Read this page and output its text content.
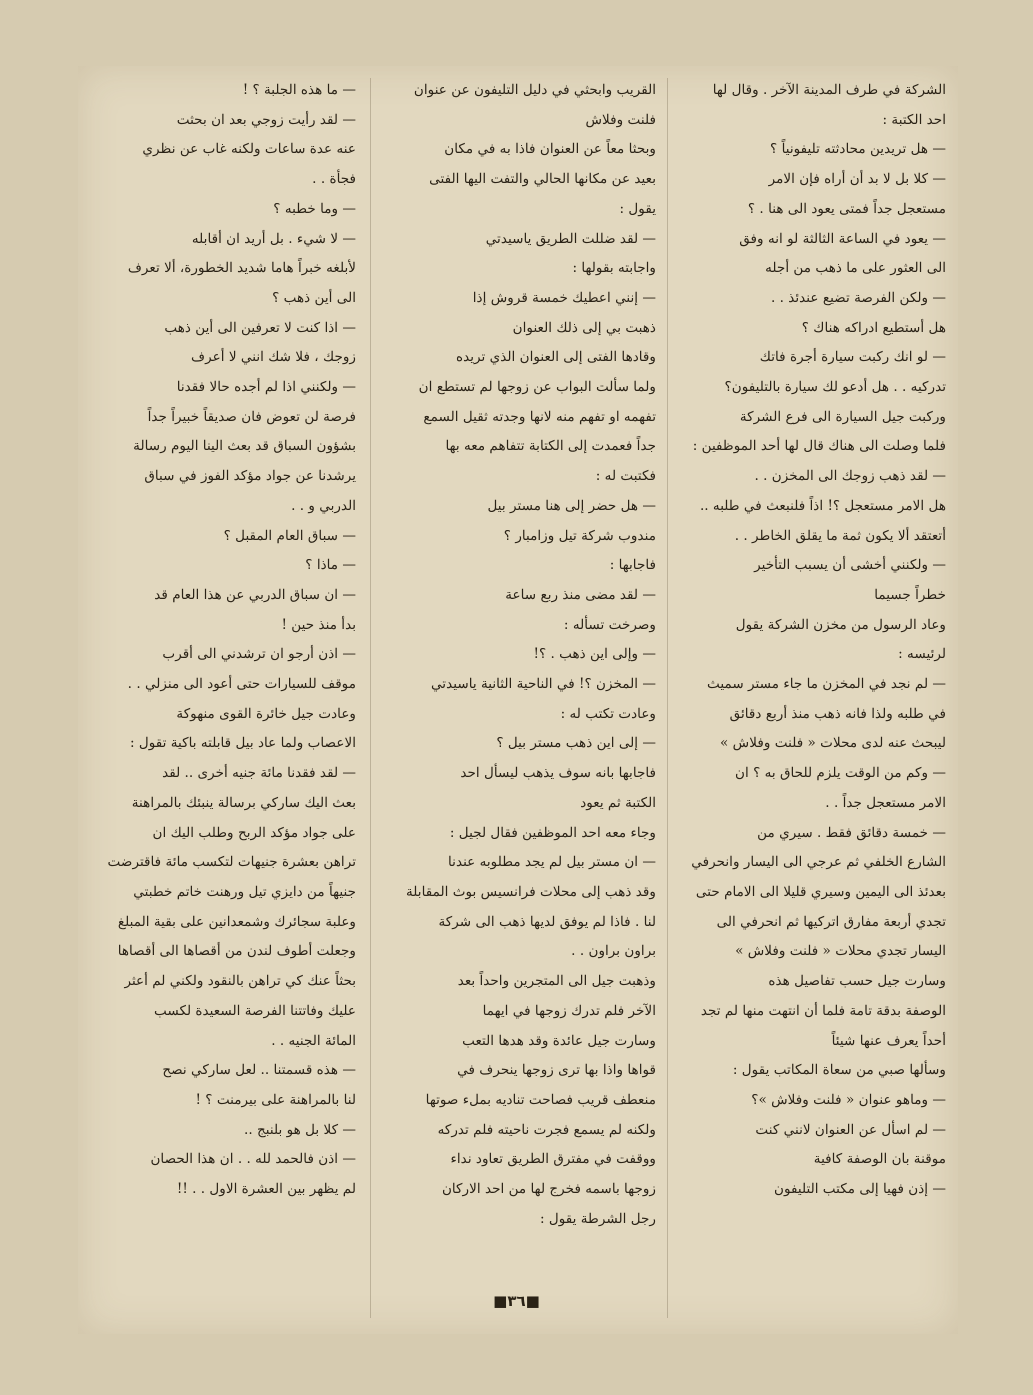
الشركة في طرف المدينة الآخر . وقال لها

احد الكتبة :

— هل تريدين محادثته تليفونياً ؟

— كلا بل لا بد أن أراه فإن الامر

مستعجل جداً فمتى يعود الى هنا . ؟

— يعود في الساعة الثالثة لو انه وفق

الى العثور على ما ذهب من أجله

— ولكن الفرصة تضيع عندئذ . .

هل أستطيع ادراكه هناك ؟

— لو انك ركبت سيارة أجرة فاتك

تدركيه . . هل أدعو لك سيارة بالتليفون؟

وركبت جيل السيارة الى فرع الشركة

فلما وصلت الى هناك قال لها أحد الموظفين :

— لقد ذهب زوجك الى المخزن . .

هل الامر مستعجل ؟! اذاً فلنبعث في طلبه ..

أتعتقد ألا يكون ثمة ما يقلق الخاطر . .

— ولكنني أخشى أن يسبب التأخير

خطراً جسيما

وعاد الرسول من مخزن الشركة يقول

لرئيسه :

— لم نجد في المخزن ما جاء مستر سميث

في طلبه ولذا فانه ذهب منذ أربع دقائق

ليبحث عنه لدى محلات « فلنت وفلاش »

— وكم من الوقت يلزم للحاق به ؟ ان

الامر مستعجل جداً . .

— خمسة دقائق فقط . سيري من

الشارع الخلفي ثم عرجي الى اليسار وانحرفي

بعدئذ الى اليمين وسيري قليلا الى الامام حتى

تجدي أربعة مفارق اتركيها ثم انحرفي الى

اليسار تجدي محلات « فلنت وفلاش »

وسارت جيل حسب تفاصيل هذه

الوصفة بدقة تامة فلما أن انتهت منها لم تجد

أحداً يعرف عنها شيئاً

وسألها صبي من سعاة المكاتب يقول :

— وماهو عنوان « فلنت وفلاش »؟

— لم اسأل عن العنوان لانني كنت

موقنة بان الوصفة كافية

— إذن فهيا إلى مكتب التليفون

القريب وابحثي في دليل التليفون عن عنوان

فلنت وفلاش

وبحثا معاً عن العنوان فاذا به في مكان

بعيد عن مكانها الحالي والتفت اليها الفتى

يقول :

— لقد ضللت الطريق ياسيدتي

واجابته بقولها :

— إنني اعطيك خمسة قروش إذا

ذهبت بي إلى ذلك العنوان

وقادها الفتى إلى العنوان الذي تريده

ولما سألت البواب عن زوجها لم تستطع ان

تفهمه او تفهم منه لانها وجدته ثقيل السمع

جداً فعمدت إلى الكتابة تتفاهم معه بها

فكتبت له :

— هل حضر إلى هنا مستر بيل

مندوب شركة تيل وزامبار ؟

فاجابها :

— لقد مضى منذ ربع ساعة

وصرخت تسأله :

— وإلى اين ذهب . ؟!

— المخزن ؟! في الناحية الثانية ياسيدتي

وعادت تكتب له :

— إلى اين ذهب مستر بيل ؟

فاجابها بانه سوف يذهب ليسأل احد

الكتبة ثم يعود

وجاء معه احد الموظفين فقال لجيل :

— ان مستر بيل لم يجد مطلوبه عندنا

وقد ذهب إلى محلات فرانسيس بوث المقابلة

لنا . فاذا لم يوفق لديها ذهب الى شركة

براون براون . .

وذهبت جيل الى المتجرين واحداً بعد

الآخر فلم تدرك زوجها في ايهما

وسارت جيل عائدة وقد هدها التعب

قواها واذا بها ترى زوجها ينحرف في

منعطف قريب فصاحت تناديه بملء صوتها

ولكنه لم يسمع فجرت ناحيته فلم تدركه

ووقفت في مفترق الطريق تعاود نداء

زوجها باسمه فخرج لها من احد الاركان

رجل الشرطة يقول :

— ما هذه الجلبة ؟ !

— لقد رأيت زوجي بعد ان بحثت

عنه عدة ساعات ولكنه غاب عن نظري

فجأة . .

— وما خطبه ؟

— لا شيء . بل أريد ان أقابله

لأبلغه خبراً هاما شديد الخطورة، ألا تعرف

الى أين ذهب ؟

— اذا كنت لا تعرفين الى أين ذهب

زوجك ، فلا شك انني لا أعرف

— ولكنني اذا لم أجده حالا فقدنا

فرصة لن تعوض فان صديقاً خبيراً جداً

بشؤون السباق قد بعث الينا اليوم رسالة

يرشدنا عن جواد مؤكد الفوز في سباق

الدربي و . .

— سباق العام المقبل ؟

— ماذا ؟

— ان سباق الدربي عن هذا العام قد

بدأ منذ حين !

— اذن أرجو ان ترشدني الى أقرب

موقف للسيارات حتى أعود الى منزلي . .

وعادت جيل خائرة القوى منهوكة

الاعصاب ولما عاد بيل قابلته باكية تقول :

— لقد فقدنا مائة جنيه أخرى .. لقد

بعث اليك ساركي برسالة ينبئك بالمراهنة

على جواد مؤكد الربح وطلب اليك ان

تراهن بعشرة جنيهات لتكسب مائة فاقترضت

جنيهاً من دايزي تيل ورهنت خاتم خطبتي

وعلبة سجائرك وشمعدانين على بقية المبلغ

وجعلت أطوف لندن من أقصاها الى أقصاها

بحثاً عنك كي تراهن بالنقود ولكني لم أعثر

عليك وفاتتنا الفرصة السعيدة لكسب

المائة الجنيه . .

— هذه قسمتنا .. لعل ساركي نصح

لنا بالمراهنة على بيرمنت ؟ !

— كلا بل هو بلنبج ..

— اذن فالحمد لله . . ان هذا الحصان

لم يظهر بين العشرة الاول . . !!

■٣٦■
